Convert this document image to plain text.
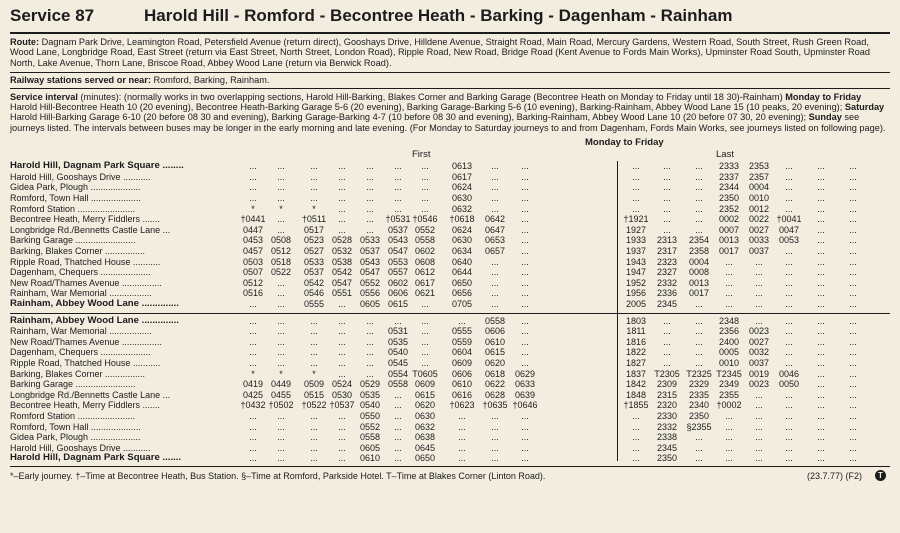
Service 87	Harold Hill - Romford - Becontree Heath - Barking - Dagenham - Rainham

Route: Dagnam Park Drive, Leamington Road, Petersfield Avenue (return direct), Gooshays Drive, Hilldene Avenue, Straight Road, Main Road, Mercury Gardens, Western Road, South Street, Rush Green Road, Wood Lane, Longbridge Road, East Street (return via East Street, North Street, London Road), Ripple Road, New Road, Bridge Road (Kent Avenue to Fords Main Works), Upminster Road South, Upminster Road North, Lake Avenue, Thorn Lane, Briscoe Road, Abbey Wood Lane (return via Berwick Road).

Railway stations served or near: Romford, Barking, Rainham.

Service interval (minutes): (normally works in two overlapping sections, Harold Hill-Barking, Blakes Corner and Barking Garage (Becontree Heath on Monday to Friday until 18 30)-Rainham) Monday to Friday Harold Hill-Becontree Heath 10 (20 evening), Becontree Heath-Barking Garage 5-6 (20 evening), Barking Garage-Barking 5-6 (10 evening), Barking-Rainham, Abbey Wood Lane 15 (10 peaks, 20 evening); Saturday Harold Hill-Barking Garage 6-10 (20 before 08 30 and evening), Barking Garage-Barking 4-7 (10 before 08 30 and evening), Barking-Rainham, Abbey Wood Lane 10 (20 before 07 30, 20 evening); Sunday see journeys listed. The intervals between buses may be longer in the early morning and late evening. (For Monday to Saturday journeys to and from Dagenham, Fords Main Works, see journeys listed on following page).

Monday to Friday
First	Last
Harold Hill, Dagnam Park Square ........	...	...	...	...	...	...	...	0613	...	...	...	...	...	2333	2353	...	...	...
Harold Hill, Gooshays Drive ...........	...	...	...	...	...	...	...	0617	...	...	...	...	...	2337	2357	...	...	...
Gidea Park, Plough ....................	...	...	...	...	...	...	...	0624	...	...	...	...	...	2344	0004	...	...	...
Romford, Town Hall ....................	...	...	...	...	...	...	...	0630	...	...	...	...	...	2350	0010	...	...	...
Romford Station .......................	*	*	*	...	...	...	...	0632	...	...	...	...	...	2352	0012	...	...	...
Becontree Heath, Merry Fiddlers .......	†0441	...	†0511	...	...	†0531 †0546 †0618	0642	...	†1921	...	...	0002	0022 †0041	...	...
Longbridge Rd./Bennetts Castle Lane ...	0447	...	0517	...	...	0537 0552	0624	0647	...	1927	...	...	0007	0027	0047	...	...
Barking Garage ........................	0453 0508	0523 0528 0533 0543 0558	0630	0653	...	1933	2313	2354	0013	0033	0053	...	...
Barking, Blakes Corner ................	0457 0512	0527 0532 0537 0547 0602	0634	0657	...	1937	2317	2358	0017	0037	...	...	...
Ripple Road, Thatched House ...........	0503 0518	0533 0538 0543 0553 0608	0640	...	...	1943	2323	0004	...	...	...	...	...
Dagenham, Chequers ....................	0507 0522	0537 0542 0547 0557 0612	0644	...	...	1947	2327	0008	...	...	...	...	...
New Road/Thames Avenue ................	0512	...	0542 0547 0552 0602 0617	0650	...	...	1952	2332	0013	...	...	...	...	...
Rainham, War Memorial .................	0516	...	0546 0551 0556 0606 0621	0656	...	...	1956	2336	0017	...	...	...	...	...
Rainham, Abbey Wood Lane ..............	...	...	0555	...	0605 0615	...	0705	...	...	2005	2345	...	...	...	...	...	...
Rainham, Abbey Wood Lane ..............	...	...	...	...	...	...	...	...	0558	...	1803	...	...	2348	...	...	...	...
Rainham, War Memorial .................	...	...	...	...	...	0531	...	0555	0606	...	1811	...	...	2356	0023	...	...	...
New Road/Thames Avenue ................	...	...	...	...	...	0535	...	0559	0610	...	1816	...	...	2400	0027	...	...	...
Dagenham, Chequers ....................	...	...	...	...	...	0540	...	0604	0615	...	1822	...	...	0005	0032	...	...	...
Ripple Road, Thatched House ...........	...	...	...	...	...	0545	...	0609	0620	...	1827	...	...	0010	0037	...	...	...
Barking, Blakes Corner ................	*	*	*	...	...	0554 T0605	0606	0618	0629	1837 T2305 T2325 T2345 0019	0046	...	...
Barking Garage ........................	0419 0449	0509 0524 0529 0558 0609	0610	0622	0633	1842	2309	2329	2349	0023	0050	...	...
Longbridge Rd./Bennetts Castle Lane ...	0425 0455	0515 0530 0535	...	0615	0616	0628	0639	1848	2315	2335	2355	...	...	...	...
Becontree Heath, Merry Fiddlers .......	†0432 †0502 †0522 †0537 0540	...	0620	†0623 †0635 †0646	†1855 2320	2340 †0002	...	...	...	...
Romford Station .......................	...	...	...	...	0550	...	0630	...	...	...	...	2330	2350	...	...	...	...	...
Romford, Town Hall ....................	...	...	...	...	0552	...	0632	...	...	...	...	2332	§2355	...	...	...	...	...
Gidea Park, Plough ....................	...	...	...	...	0558	...	0638	...	...	...	...	2338	...	...	...	...	...	...
Harold Hill, Gooshays Drive ...........	...	...	...	...	0605	...	0645	...	...	...	...	2345	...	...	...	...	...	...
Harold Hill, Dagnam Park Square .......	...	...	...	...	0610	...	0650	...	...	...	...	2350	...	...	...	...	...	...
*–Early journey. †–Time at Becontree Heath, Bus Station. §–Time at Romford, Parkside Hotel. T–Time at Blakes Corner (Linton Road).	(23.7.77) (F2)	T
